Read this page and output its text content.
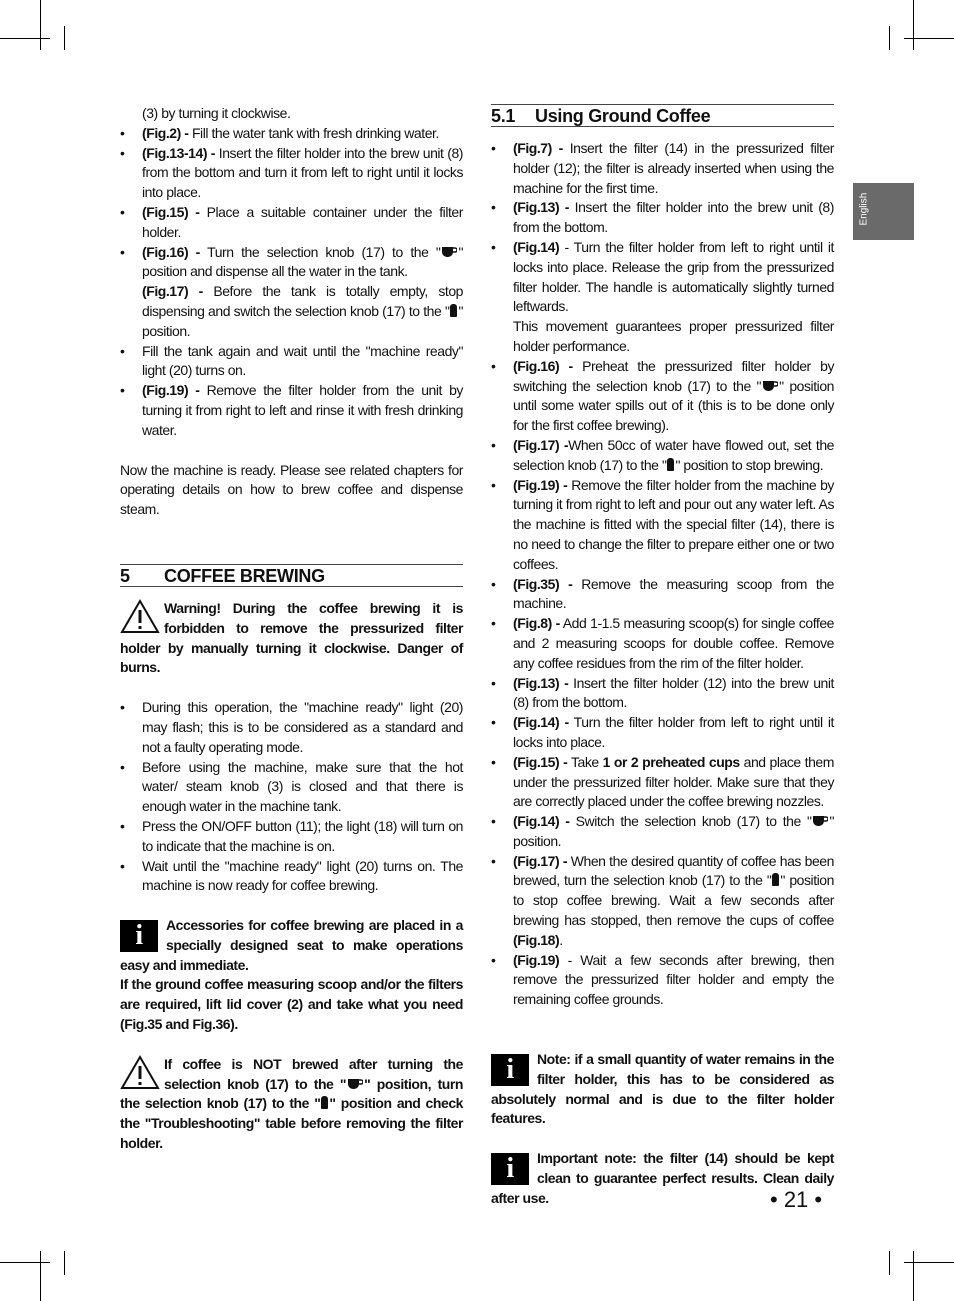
English

(3) by turning it clockwise.

• (Fig.2) - Fill the water tank with fresh drinking water.
• (Fig.13-14) - Insert the filter holder into the brew unit (8) from the bottom and turn it from left to right until it locks into place.
• (Fig.15) - Place a suitable container under the filter holder.

• (Fig.16) - Turn the selection knob (17) to the " " position and dispense all the water in the tank.

(Fig.17) - Before the tank is totally empty, stop dispensing and switch the selection knob (17) to the " " position.

• Fill the tank again and wait until the "machine ready" light (20) turns on.
• (Fig.19) - Remove the filter holder from the unit by turning it from right to left and rinse it with fresh drinking water.

Now the machine is ready. Please see related chapters for operating details on how to brew coffee and dispense steam.

5	COFFEE BREWING
Warning! During the coffee brewing it is forbidden to remove the pressurized filter holder by manually turning it clockwise. Danger of burns.
• During this operation, the "machine ready" light (20) may flash; this is to be considered as a standard and not a faulty operating mode.
• Before using the machine, make sure that the hot water/ steam knob (3) is closed and that there is enough water in the machine tank.
• Press the ON/OFF button (11); the light (18) will turn on to indicate that the machine is on.
• Wait until the "machine ready" light (20) turns on. The machine is now ready for coffee brewing.
i	Accessories for coffee brewing are placed in a specially designed seat to make operations easy and immediate.

If the ground coffee measuring scoop and/or the filters are required, lift lid cover (2) and take what you need (Fig.35 and Fig.36).

If coffee is NOT brewed after turning the selection knob (17) to the " " position, turn the selection knob (17) to the " " position and check the "Troubleshooting" table before removing the filter holder.
5.1	Using Ground Coffee
• (Fig.7) - Insert the filter (14) in the pressurized filter holder (12); the filter is already inserted when using the machine for the first time.
• (Fig.13) - Insert the filter holder into the brew unit (8) from the bottom.

• (Fig.14) - Turn the filter holder from left to right until it locks into place. Release the grip from the pressurized filter holder. The handle is automatically slightly turned leftwards.

This movement guarantees proper pressurized filter holder performance.

• (Fig.16) - Preheat the pressurized filter holder by switching the selection knob (17) to the " " position until some water spills out of it (this is to be done only for the first coffee brewing).
• (Fig.17) -When 50cc of water have flowed out, set the selection knob (17) to the " " position to stop brewing.
• (Fig.19) - Remove the filter holder from the machine by turning it from right to left and pour out any water left. As the machine is fitted with the special filter (14), there is no need to change the filter to prepare either one or two coffees.
• (Fig.35) - Remove the measuring scoop from the machine.
• (Fig.8) - Add 1-1.5 measuring scoop(s) for single coffee and 2 measuring scoops for double coffee. Remove any coffee residues from the rim of the filter holder.
• (Fig.13) - Insert the filter holder (12) into the brew unit (8) from the bottom.
• (Fig.14) - Turn the filter holder from left to right until it locks into place.
• (Fig.15) - Take 1 or 2 preheated cups and place them under the pressurized filter holder. Make sure that they are correctly placed under the coffee brewing nozzles.
• (Fig.14) - Switch the selection knob (17) to the " " position.
• (Fig.17) - When the desired quantity of coffee has been brewed, turn the selection knob (17) to the " " position to stop coffee brewing. Wait a few seconds after brewing has stopped, then remove the cups of coffee (Fig.18).
• (Fig.19) - Wait a few seconds after brewing, then remove the pressurized filter holder and empty the remaining coffee grounds.
i	Note: if a small quantity of water remains in the filter holder, this has to be considered as absolutely normal and is due to the filter holder features.
i	Important note: the filter (14) should be kept clean to guarantee perfect results. Clean daily after use.	• 21 •
